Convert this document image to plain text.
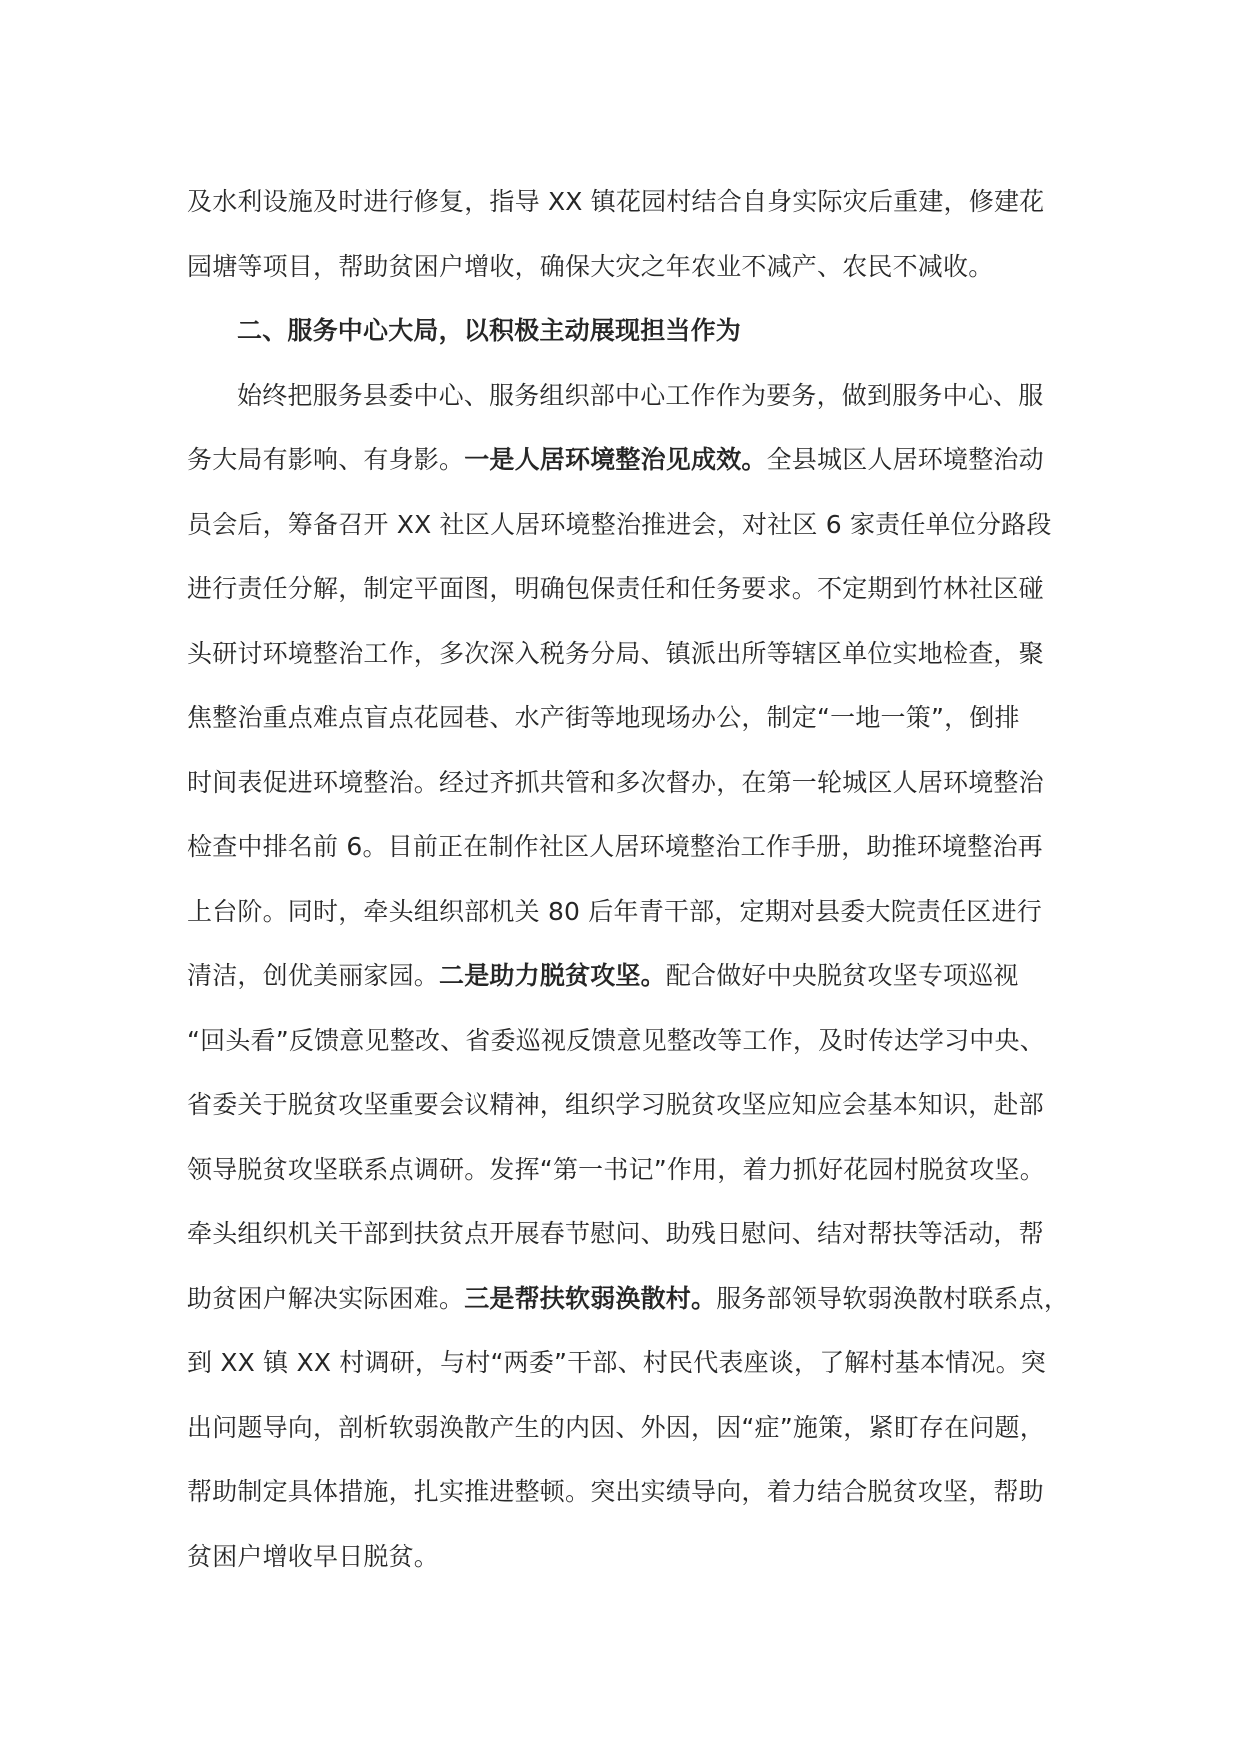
及水利设施及时进行修复，指导 XX 镇花园村结合自身实际灾后重建，修建花
园塘等项目，帮助贫困户增收，确保大灾之年农业不减产、农民不减收。
二、服务中心大局，以积极主动展现担当作为
始终把服务县委中心、服务组织部中心工作作为要务，做到服务中心、服
务大局有影响、有身影。一是人居环境整治见成效。全县城区人居环境整治动
员会后，筹备召开 XX 社区人居环境整治推进会，对社区 6 家责任单位分路段
进行责任分解，制定平面图，明确包保责任和任务要求。不定期到竹林社区碰
头研讨环境整治工作，多次深入税务分局、镇派出所等辖区单位实地检查，聚
焦整治重点难点盲点花园巷、水产街等地现场办公，制定“一地一策”，倒排
时间表促进环境整治。经过齐抓共管和多次督办，在第一轮城区人居环境整治
检查中排名前 6。目前正在制作社区人居环境整治工作手册，助推环境整治再
上台阶。同时，牵头组织部机关 80 后年青干部，定期对县委大院责任区进行
清洁，创优美丽家园。二是助力脱贫攻坚。配合做好中央脱贫攻坚专项巡视
“回头看”反馈意见整改、省委巡视反馈意见整改等工作，及时传达学习中央、
省委关于脱贫攻坚重要会议精神，组织学习脱贫攻坚应知应会基本知识，赴部
领导脱贫攻坚联系点调研。发挥“第一书记”作用，着力抓好花园村脱贫攻坚。
牵头组织机关干部到扶贫点开展春节慰问、助残日慰问、结对帮扶等活动，帮
助贫困户解决实际困难。三是帮扶软弱涣散村。服务部领导软弱涣散村联系点，
到 XX 镇 XX 村调研，与村“两委”干部、村民代表座谈，了解村基本情况。突
出问题导向，剖析软弱涣散产生的内因、外因，因“症”施策，紧盯存在问题，
帮助制定具体措施，扎实推进整顿。突出实绩导向，着力结合脱贫攻坚，帮助
贫困户增收早日脱贫。
